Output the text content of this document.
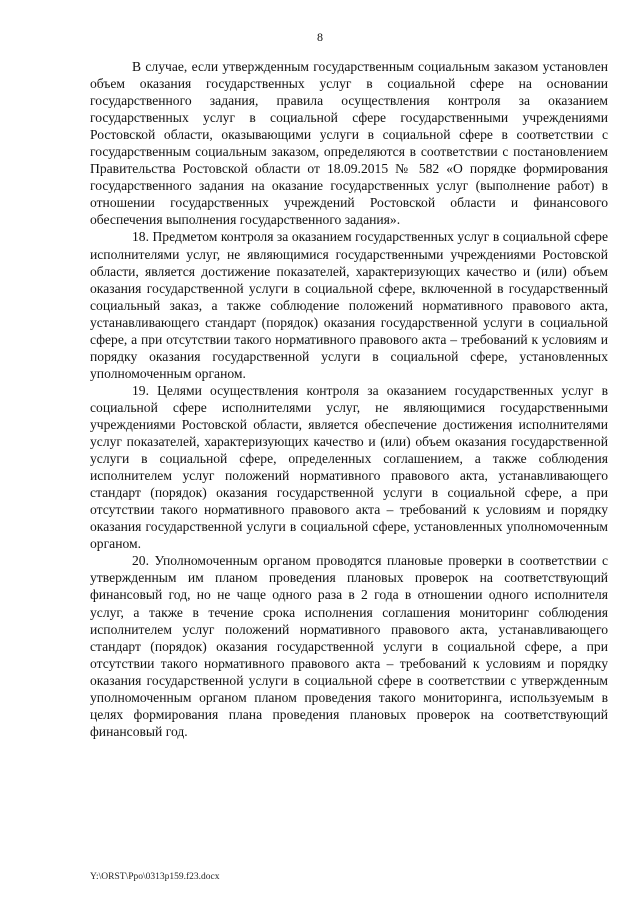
8

В случае, если утвержденным государственным социальным заказом установлен объем оказания государственных услуг в социальной сфере на основании государственного задания, правила осуществления контроля за оказанием государственных услуг в социальной сфере государственными учреждениями Ростовской области, оказывающими услуги в социальной сфере в соответствии с государственным социальным заказом, определяются в соответствии с постановлением Правительства Ростовской области от 18.09.2015 № 582 «О порядке формирования государственного задания на оказание государственных услуг (выполнение работ) в отношении государственных учреждений Ростовской области и финансового обеспечения выполнения государственного задания».

18. Предметом контроля за оказанием государственных услуг в социальной сфере исполнителями услуг, не являющимися государственными учреждениями Ростовской области, является достижение показателей, характеризующих качество и (или) объем оказания государственной услуги в социальной сфере, включенной в государственный социальный заказ, а также соблюдение положений нормативного правового акта, устанавливающего стандарт (порядок) оказания государственной услуги в социальной сфере, а при отсутствии такого нормативного правового акта – требований к условиям и порядку оказания государственной услуги в социальной сфере, установленных уполномоченным органом.

19. Целями осуществления контроля за оказанием государственных услуг в социальной сфере исполнителями услуг, не являющимися государственными учреждениями Ростовской области, является обеспечение достижения исполнителями услуг показателей, характеризующих качество и (или) объем оказания государственной услуги в социальной сфере, определенных соглашением, а также соблюдения исполнителем услуг положений нормативного правового акта, устанавливающего стандарт (порядок) оказания государственной услуги в социальной сфере, а при отсутствии такого нормативного правового акта – требований к условиям и порядку оказания государственной услуги в социальной сфере, установленных уполномоченным органом.

20. Уполномоченным органом проводятся плановые проверки в соответствии с утвержденным им планом проведения плановых проверок на соответствующий финансовый год, но не чаще одного раза в 2 года в отношении одного исполнителя услуг, а также в течение срока исполнения соглашения мониторинг соблюдения исполнителем услуг положений нормативного правового акта, устанавливающего стандарт (порядок) оказания государственной услуги в социальной сфере, а при отсутствии такого нормативного правового акта – требований к условиям и порядку оказания государственной услуги в социальной сфере в соответствии с утвержденным уполномоченным органом планом проведения такого мониторинга, используемым в целях формирования плана проведения плановых проверок на соответствующий финансовый год.

Y:\ORST\Ppo\0313p159.f23.docx
